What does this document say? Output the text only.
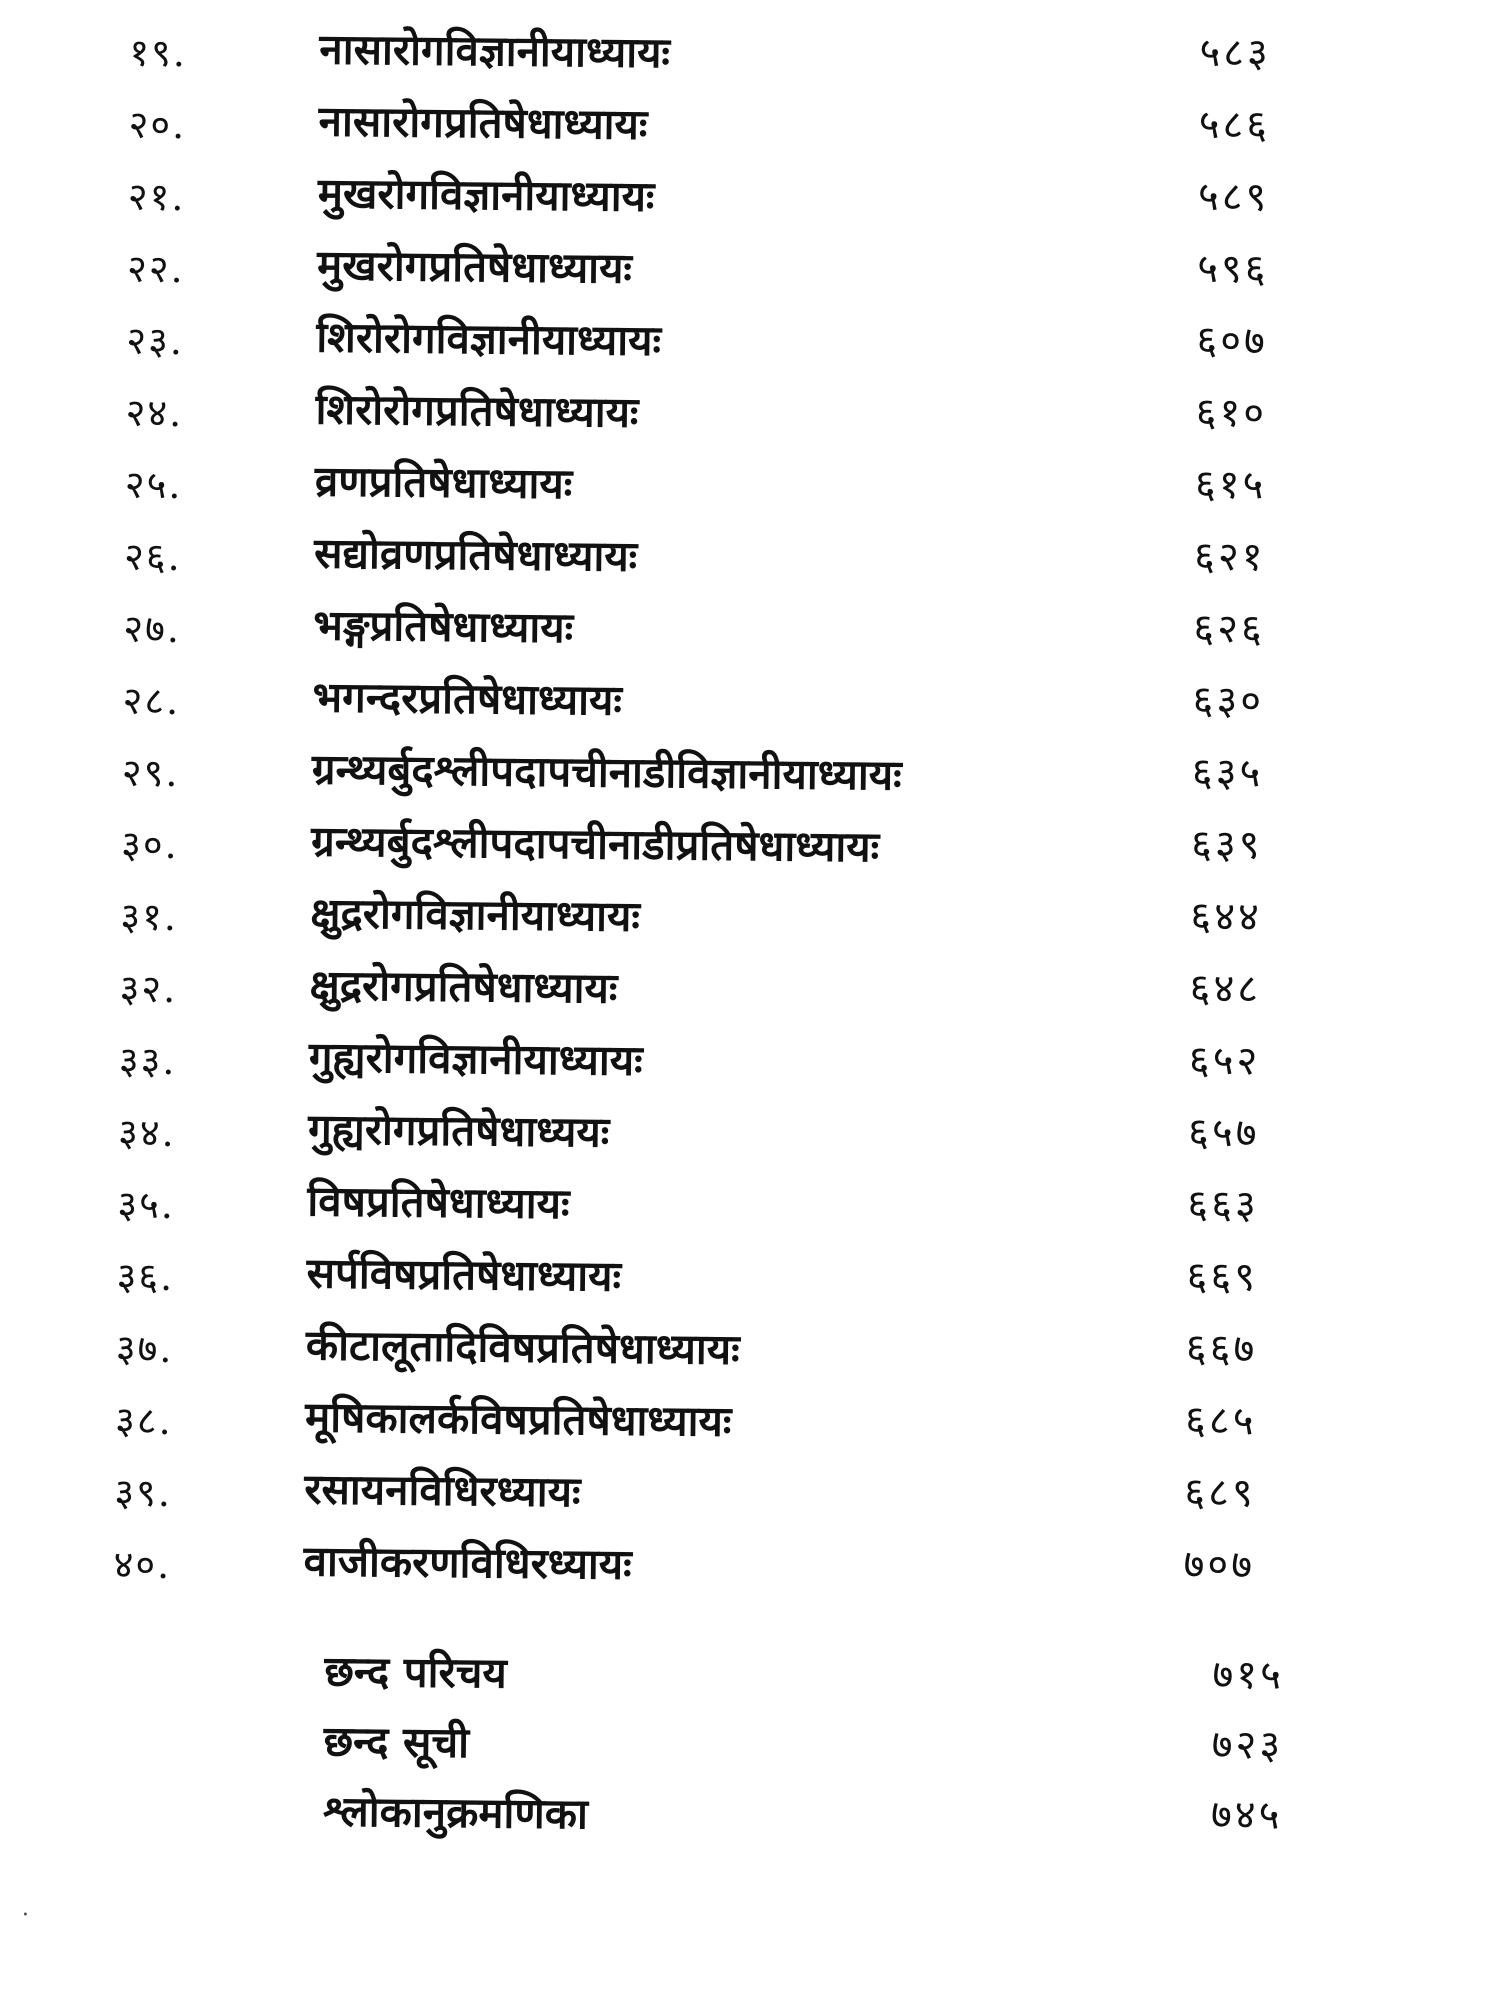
१९.	नासारोगविज्ञानीयाध्यायः	५८३
२०.	नासारोगप्रतिषेधाध्यायः	५८६
२१.	मुखरोगविज्ञानीयाध्यायः	५८९
२२.	मुखरोगप्रतिषेधाध्यायः	५९६
२३.	शिरोरोगविज्ञानीयाध्यायः	६०७
२४.	शिरोरोगप्रतिषेधाध्यायः	६१०
२५.	व्रणप्रतिषेधाध्यायः	६१५
२६.	सद्योव्रणप्रतिषेधाध्यायः	६२१
२७.	भङ्गप्रतिषेधाध्यायः	६२६
२८.	भगन्दरप्रतिषेधाध्यायः	६३०
२९.	ग्रन्थ्यर्बुदश्लीपदापचीनाडीविज्ञानीयाध्यायः	६३५
३०.	ग्रन्थ्यर्बुदश्लीपदापचीनाडीप्रतिषेधाध्यायः	६३९
३१.	क्षुद्ररोगविज्ञानीयाध्यायः	६४४
३२.	क्षुद्ररोगप्रतिषेधाध्यायः	६४८
३३.	गुह्यरोगविज्ञानीयाध्यायः	६५२
३४.	गुह्यरोगप्रतिषेधाध्ययः	६५७
३५.	विषप्रतिषेधाध्यायः	६६३
३६.	सर्पविषप्रतिषेधाध्यायः	६६९
३७.	कीटालूतादिविषप्रतिषेधाध्यायः	६६७
३८.	मूषिकालर्कविषप्रतिषेधाध्यायः	६८५
३९.	रसायनविधिरध्यायः	६८९
४०.	वाजीकरणविधिरध्यायः	७०७
छन्द परिचय	७१५
छन्द सूची	७२३
श्लोकानुक्रमणिका	७४५
